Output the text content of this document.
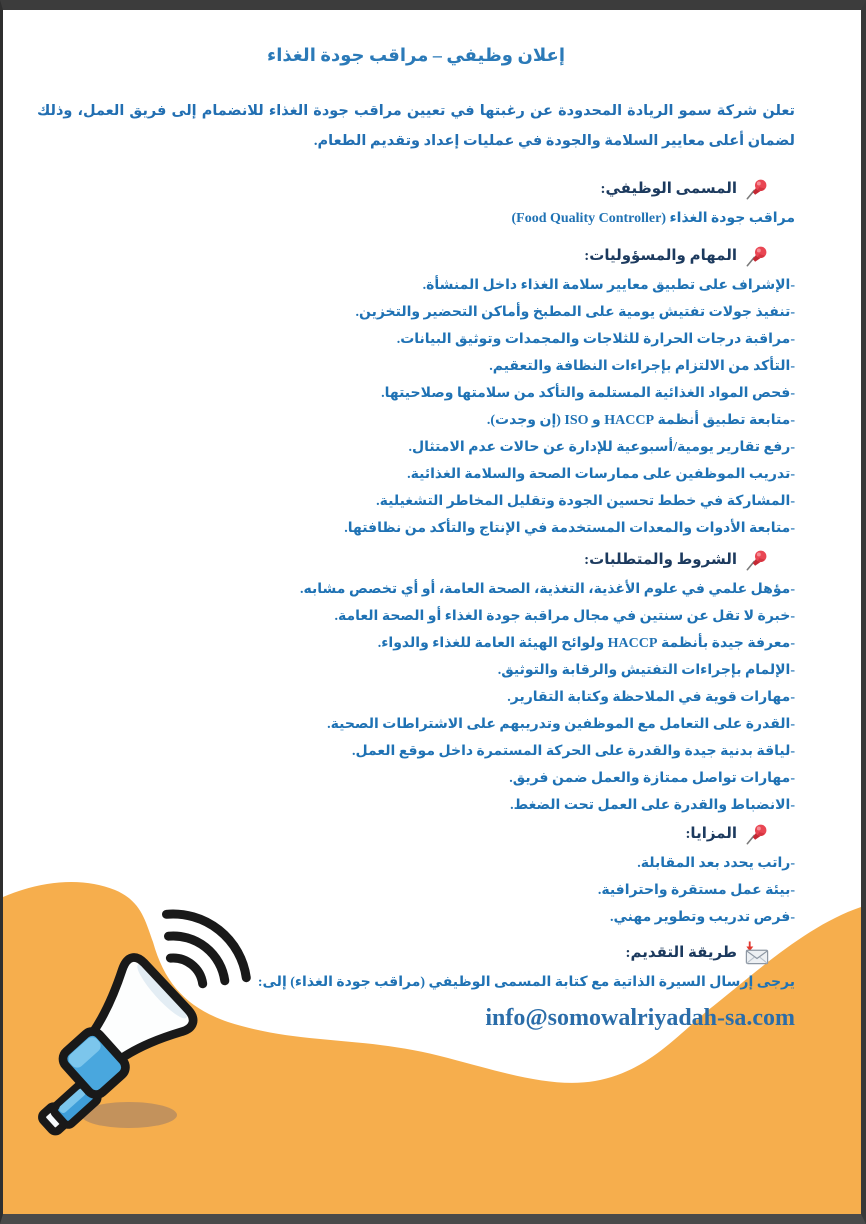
إعلان وظيفي – مراقب جودة الغذاء

تعلن شركة سمو الريادة المحدودة عن رغبتها في تعيين مراقب جودة الغذاء للانضمام إلى فريق العمل، وذلك لضمان أعلى معايير السلامة والجودة في عمليات إعداد وتقديم الطعام.

المسمى الوظيفي:

مراقب جودة الغذاء (Food Quality Controller)

المهام والمسؤوليات:

-الإشراف على تطبيق معايير سلامة الغذاء داخل المنشأة.

-تنفيذ جولات تفتيش يومية على المطبخ وأماكن التحضير والتخزين.

-مراقبة درجات الحرارة للثلاجات والمجمدات وتوثيق البيانات.

-التأكد من الالتزام بإجراءات النظافة والتعقيم.

-فحص المواد الغذائية المستلمة والتأكد من سلامتها وصلاحيتها.

-متابعة تطبيق أنظمة HACCP و ISO (إن وجدت).

-رفع تقارير يومية/أسبوعية للإدارة عن حالات عدم الامتثال.

-تدريب الموظفين على ممارسات الصحة والسلامة الغذائية.

-المشاركة في خطط تحسين الجودة وتقليل المخاطر التشغيلية.

-متابعة الأدوات والمعدات المستخدمة في الإنتاج والتأكد من نظافتها.

الشروط والمتطلبات:

-مؤهل علمي في علوم الأغذية، التغذية، الصحة العامة، أو أي تخصص مشابه.

-خبرة لا تقل عن سنتين في مجال مراقبة جودة الغذاء أو الصحة العامة.

-معرفة جيدة بأنظمة HACCP ولوائح الهيئة العامة للغذاء والدواء.

-الإلمام بإجراءات التفتيش والرقابة والتوثيق.

-مهارات قوية في الملاحظة وكتابة التقارير.

-القدرة على التعامل مع الموظفين وتدريبهم على الاشتراطات الصحية.

-لياقة بدنية جيدة والقدرة على الحركة المستمرة داخل موقع العمل.

-مهارات تواصل ممتازة والعمل ضمن فريق.

-الانضباط والقدرة على العمل تحت الضغط.

المزايا:

-راتب يحدد بعد المقابلة.

-بيئة عمل مستقرة واحترافية.

-فرص تدريب وتطوير مهني.

طريقة التقديم:

يرجى إرسال السيرة الذاتية مع كتابة المسمى الوظيفي (مراقب جودة الغذاء) إلى:

info@somowalriyadah-sa.com
